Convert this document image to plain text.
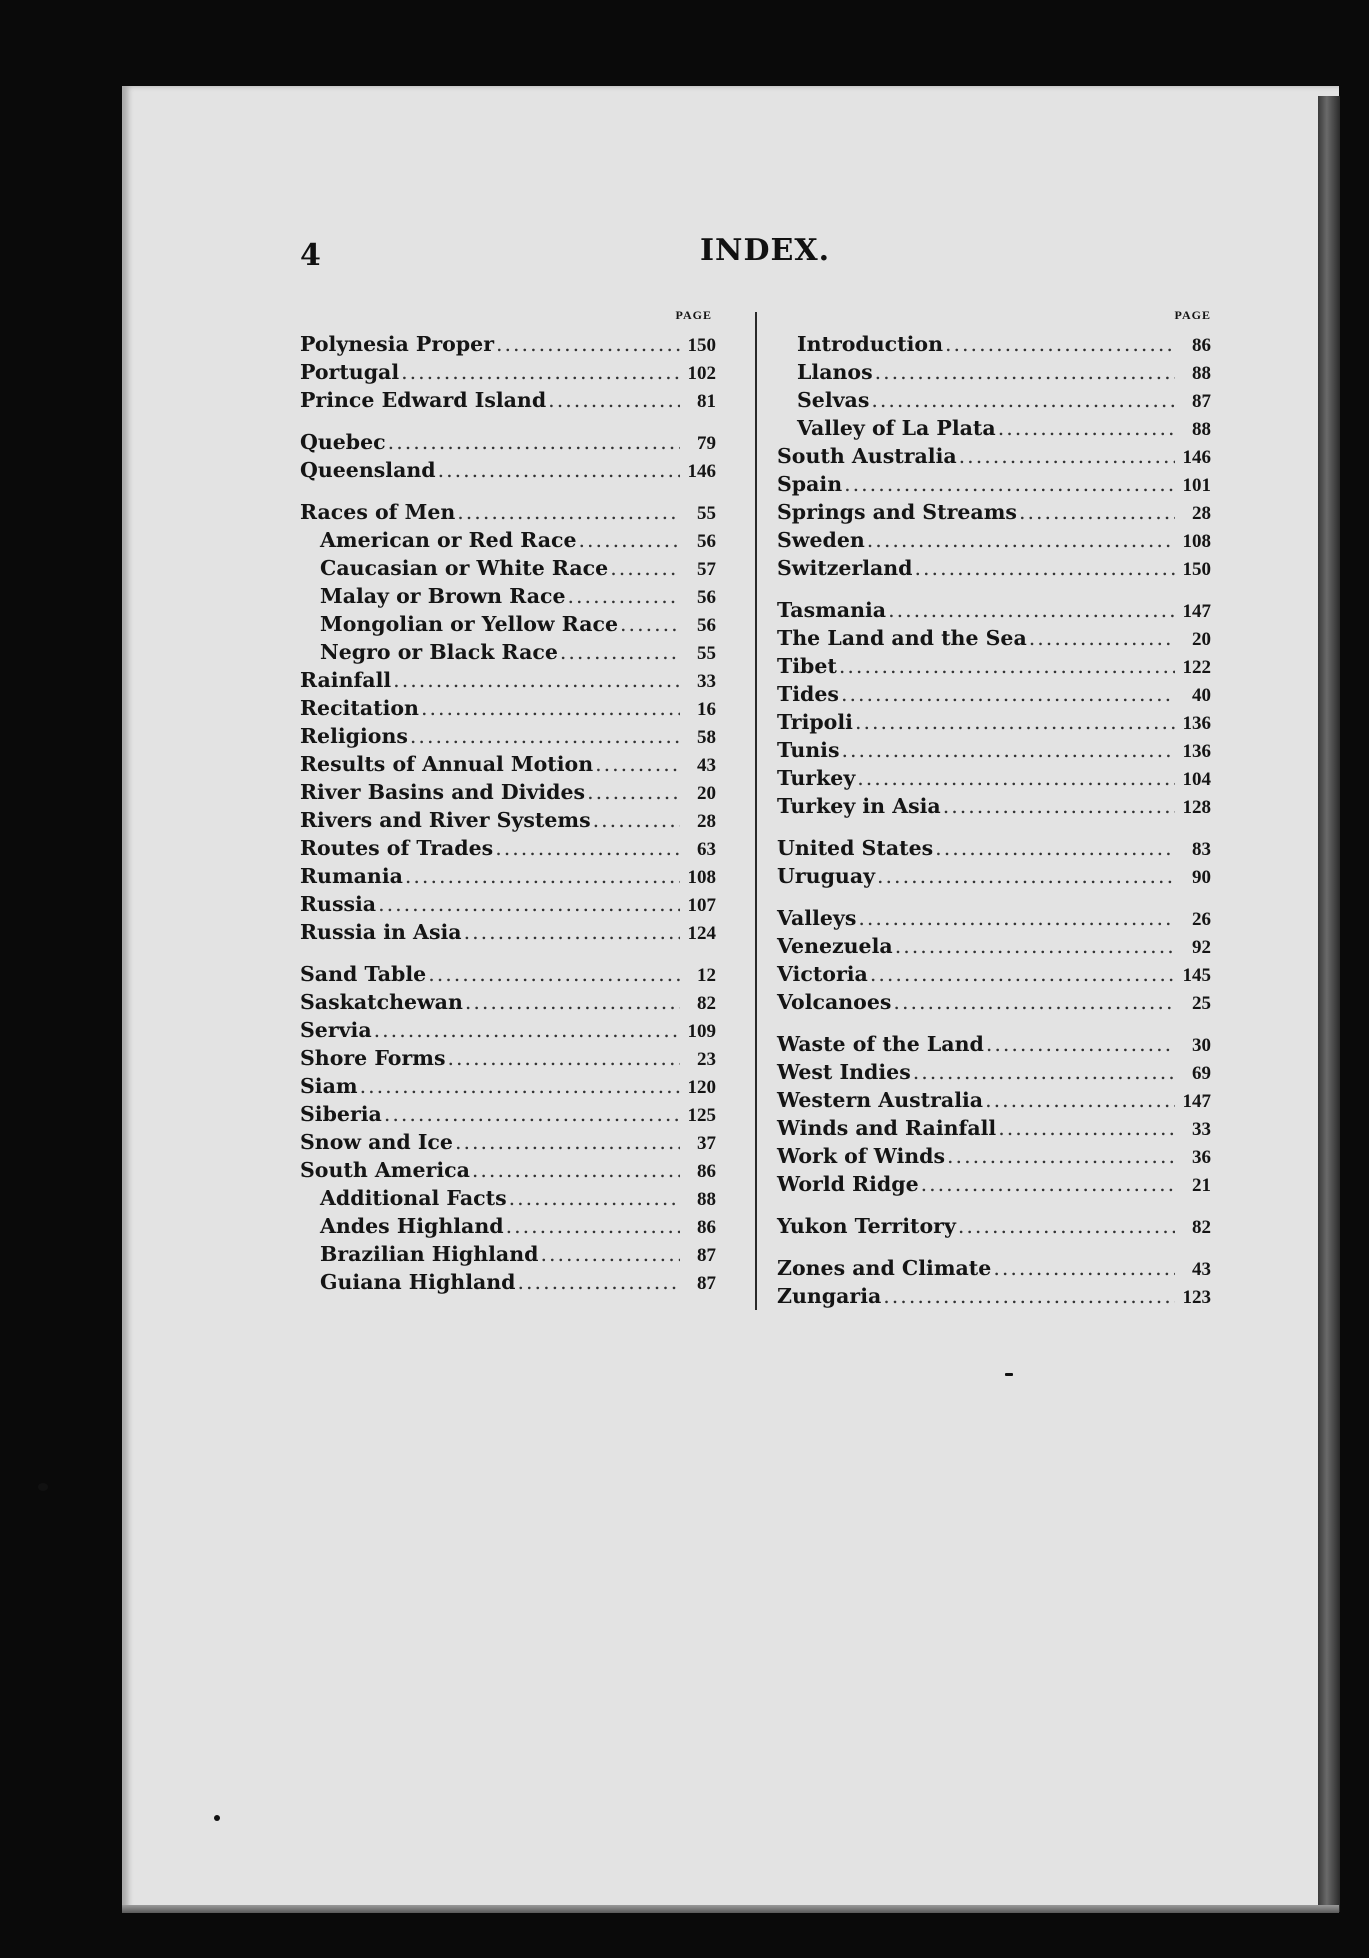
4	INDEX.
PAGE
Polynesia Proper .....	150
Portugal .....	102
Prince Edward Island .....	81
Quebec .....	79
Queensland .....	146
Races of Men .....	55
American or Red Race .....	56
Caucasian or White Race .....	57
Malay or Brown Race .....	56
Mongolian or Yellow Race .....	56
Negro or Black Race .....	55
Rainfall .....	33
Recitation .....	16
Religions .....	58
Results of Annual Motion .....	43
River Basins and Divides .....	20
Rivers and River Systems .....	28
Routes of Trades .....	63
Rumania .....	108
Russia .....	107
Russia in Asia .....	124
Sand Table .....	12
Saskatchewan .....	82
Servia .....	109
Shore Forms .....	23
Siam .....	120
Siberia .....	125
Snow and Ice .....	37
South America .....	86
Additional Facts .....	88
Andes Highland .....	86
Brazilian Highland .....	87
Guiana Highland .....	87
PAGE
Introduction .....	86
Llanos .....	88
Selvas .....	87
Valley of La Plata .....	88
South Australia .....	146
Spain .....	101
Springs and Streams .....	28
Sweden .....	108
Switzerland .....	150
Tasmania .....	147
The Land and the Sea .....	20
Tibet .....	122
Tides .....	40
Tripoli .....	136
Tunis .....	136
Turkey .....	104
Turkey in Asia .....	128
United States .....	83
Uruguay .....	90
Valleys .....	26
Venezuela .....	92
Victoria .....	145
Volcanoes .....	25
Waste of the Land .....	30
West Indies .....	69
Western Australia .....	147
Winds and Rainfall .....	33
Work of Winds .....	36
World Ridge .....	21
Yukon Territory .....	82
Zones and Climate .....	43
Zungaria .....	123
